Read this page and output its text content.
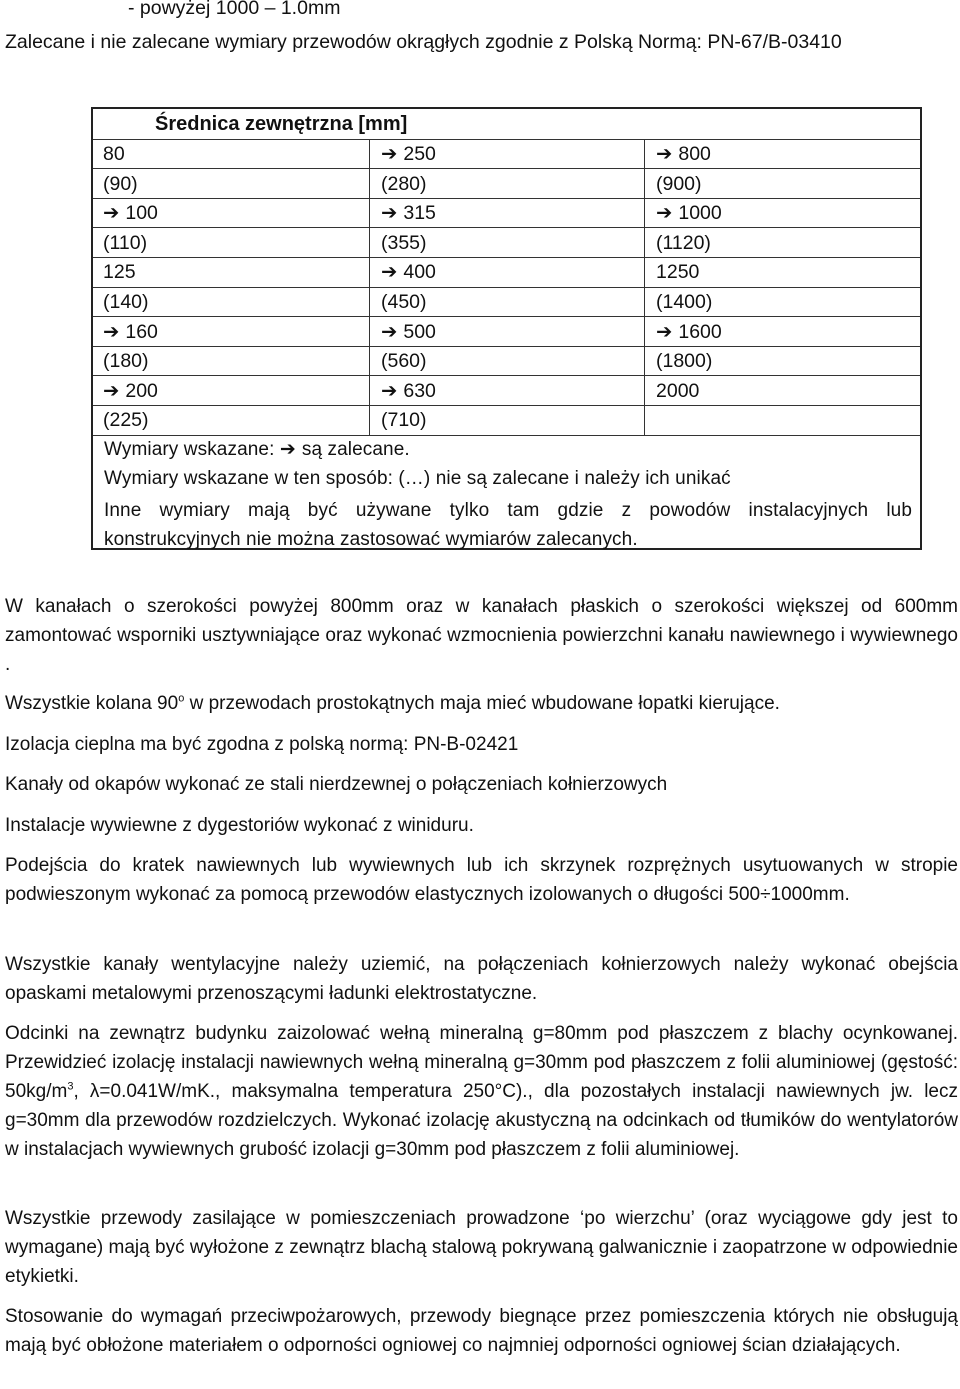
- powyżej 1000 – 1.0mm
Zalecane i nie zalecane wymiary przewodów okrągłych zgodnie z Polską Normą: PN-67/B-03410
Średnica zewnętrzna [mm]
80	➔ 250	➔ 800
(90)	(280)	(900)
➔ 100	➔ 315	➔ 1000
(110)	(355)	(1120)
125	➔ 400	1250
(140)	(450)	(1400)
➔ 160	➔ 500	➔ 1600
(180)	(560)	(1800)
➔ 200	➔ 630	2000
(225)	(710)
Wymiary wskazane: ➔ są zalecane.
Wymiary wskazane w ten sposób: (…) nie są zalecane i należy ich unikać
Inne wymiary mają być używane tylko tam gdzie z powodów instalacyjnych lub konstrukcyjnych nie można zastosować wymiarów zalecanych.

W kanałach o szerokości powyżej 800mm oraz w kanałach płaskich o szerokości większej od 600mm zamontować wsporniki usztywniające oraz wykonać wzmocnienia powierzchni kanału nawiewnego i wywiewnego .

Wszystkie kolana 90$^o$ w przewodach prostokątnych maja mieć wbudowane łopatki kierujące.

Izolacja cieplna ma być zgodna z polską normą: PN-B-02421

Kanały od okapów wykonać ze stali nierdzewnej o połączeniach kołnierzowych

Instalacje wywiewne z dygestoriów wykonać z winiduru.

Podejścia do kratek nawiewnych lub wywiewnych lub ich skrzynek rozprężnych usytuowanych w stropie podwieszonym wykonać za pomocą przewodów elastycznych izolowanych o długości 500÷1000mm.

Wszystkie kanały wentylacyjne należy uziemić, na połączeniach kołnierzowych należy wykonać obejścia opaskami metalowymi przenoszącymi ładunki elektrostatyczne.

Odcinki na zewnątrz budynku zaizolować wełną mineralną g=80mm pod płaszczem z blachy ocynkowanej. Przewidzieć izolację instalacji nawiewnych wełną mineralną g=30mm pod płaszczem z folii aluminiowej (gęstość: $50kg/m^3$, λ=0.041W/mK., maksymalna temperatura 250°C)., dla pozostałych instalacji nawiewnych jw. lecz g=30mm dla przewodów rozdzielczych. Wykonać izolację akustyczną na odcinkach od tłumików do wentylatorów w instalacjach wywiewnych grubość izolacji g=30mm pod płaszczem z folii aluminiowej.

Wszystkie przewody zasilające w pomieszczeniach prowadzone ‘po wierzchu’ (oraz wyciągowe gdy jest to wymagane) mają być wyłożone z zewnątrz blachą stalową pokrywaną galwanicznie i zaopatrzone w odpowiednie etykietki.

Stosowanie do wymagań przeciwpożarowych, przewody biegnące przez pomieszczenia których nie obsługują mają być obłożone materiałem o odporności ogniowej co najmniej odporności ogniowej ścian działających.
